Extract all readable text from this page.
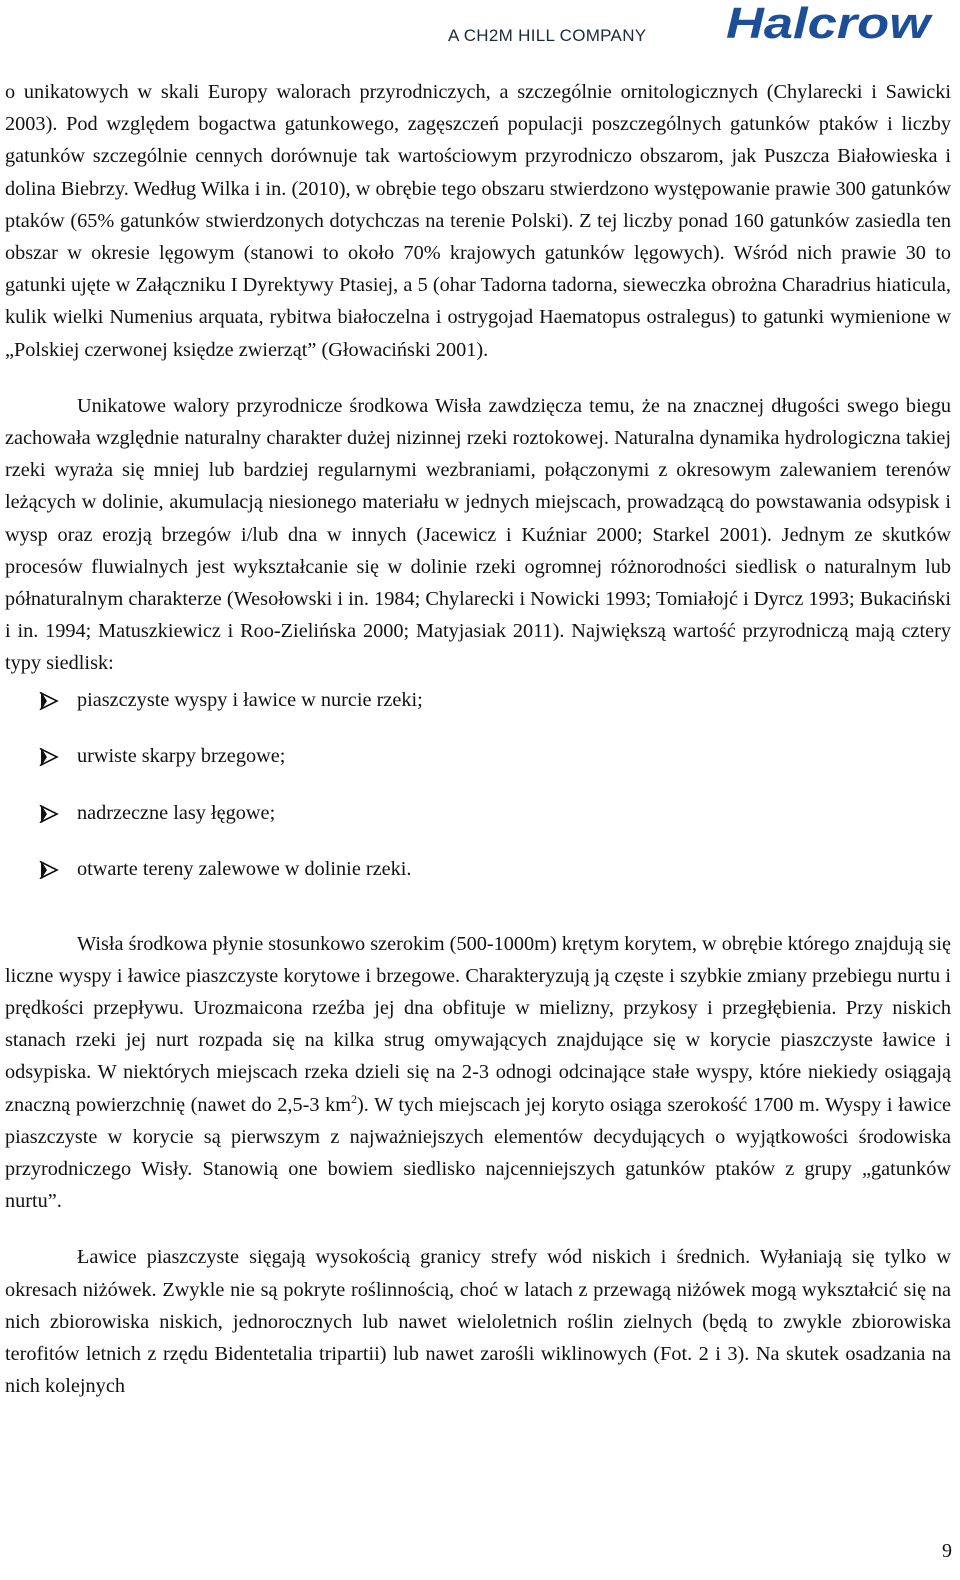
A CH2M HILL COMPANY Halcrow

o unikatowych w skali Europy walorach przyrodniczych, a szczególnie ornitologicznych (Chylarecki i Sawicki 2003). Pod względem bogactwa gatunkowego, zagęszczeń populacji poszczególnych gatunków ptaków i liczby gatunków szczególnie cennych dorównuje tak wartościowym przyrodniczo obszarom, jak Puszcza Białowieska i dolina Biebrzy. Według Wilka i in. (2010), w obrębie tego obszaru stwierdzono występowanie prawie 300 gatunków ptaków (65% gatunków stwierdzonych dotychczas na terenie Polski). Z tej liczby ponad 160 gatunków zasiedla ten obszar w okresie lęgowym (stanowi to około 70% krajowych gatunków lęgowych). Wśród nich prawie 30 to gatunki ujęte w Załączniku I Dyrektywy Ptasiej, a 5 (ohar Tadorna tadorna, sieweczka obrożna Charadrius hiaticula, kulik wielki Numenius arquata, rybitwa białoczelna i ostrygojad Haematopus ostralegus) to gatunki wymienione w „Polskiej czerwonej księdze zwierząt” (Głowaciński 2001).

Unikatowe walory przyrodnicze środkowa Wisła zawdzięcza temu, że na znacznej długości swego biegu zachowała względnie naturalny charakter dużej nizinnej rzeki roztokowej. Naturalna dynamika hydrologiczna takiej rzeki wyraża się mniej lub bardziej regularnymi wezbraniami, połączonymi z okresowym zalewaniem terenów leżących w dolinie, akumulacją niesionego materiału w jednych miejscach, prowadzącą do powstawania odsypisk i wysp oraz erozją brzegów i/lub dna w innych (Jacewicz i Kuźniar 2000; Starkel 2001). Jednym ze skutków procesów fluwialnych jest wykształcanie się w dolinie rzeki ogromnej różnorodności siedlisk o naturalnym lub półnaturalnym charakterze (Wesołowski i in. 1984; Chylarecki i Nowicki 1993; Tomiałojć i Dyrcz 1993; Bukaciński i in. 1994; Matuszkiewicz i Roo-Zielińska 2000; Matyjasiak 2011). Największą wartość przyrodniczą mają cztery typy siedlisk:

piaszczyste wyspy i ławice w nurcie rzeki;
urwiste skarpy brzegowe;
nadrzeczne lasy łęgowe;
otwarte tereny zalewowe w dolinie rzeki.

Wisła środkowa płynie stosunkowo szerokim (500-1000m) krętym korytem, w obrębie którego znajdują się liczne wyspy i ławice piaszczyste korytowe i brzegowe. Charakteryzują ją częste i szybkie zmiany przebiegu nurtu i prędkości przepływu. Urozmaicona rzeźba jej dna obfituje w mielizny, przykosy i przegłębienia. Przy niskich stanach rzeki jej nurt rozpada się na kilka strug omywających znajdujące się w korycie piaszczyste ławice i odsypiska. W niektórych miejscach rzeka dzieli się na 2-3 odnogi odcinające stałe wyspy, które niekiedy osiągają znaczną powierzchnię (nawet do 2,5-3 $km^2$). W tych miejscach jej koryto osiąga szerokość 1700 m. Wyspy i ławice piaszczyste w korycie są pierwszym z najważniejszych elementów decydujących o wyjątkowości środowiska przyrodniczego Wisły. Stanowią one bowiem siedlisko najcenniejszych gatunków ptaków z grupy „gatunków nurtu”.

Ławice piaszczyste sięgają wysokością granicy strefy wód niskich i średnich. Wyłaniają się tylko w okresach niżówek. Zwykle nie są pokryte roślinnością, choć w latach z przewagą niżówek mogą wykształcić się na nich zbiorowiska niskich, jednorocznych lub nawet wieloletnich roślin zielnych (będą to zwykle zbiorowiska terofitów letnich z rzędu Bidentetalia tripartii) lub nawet zarośli wiklinowych (Fot. 2 i 3). Na skutek osadzania na nich kolejnych

9
